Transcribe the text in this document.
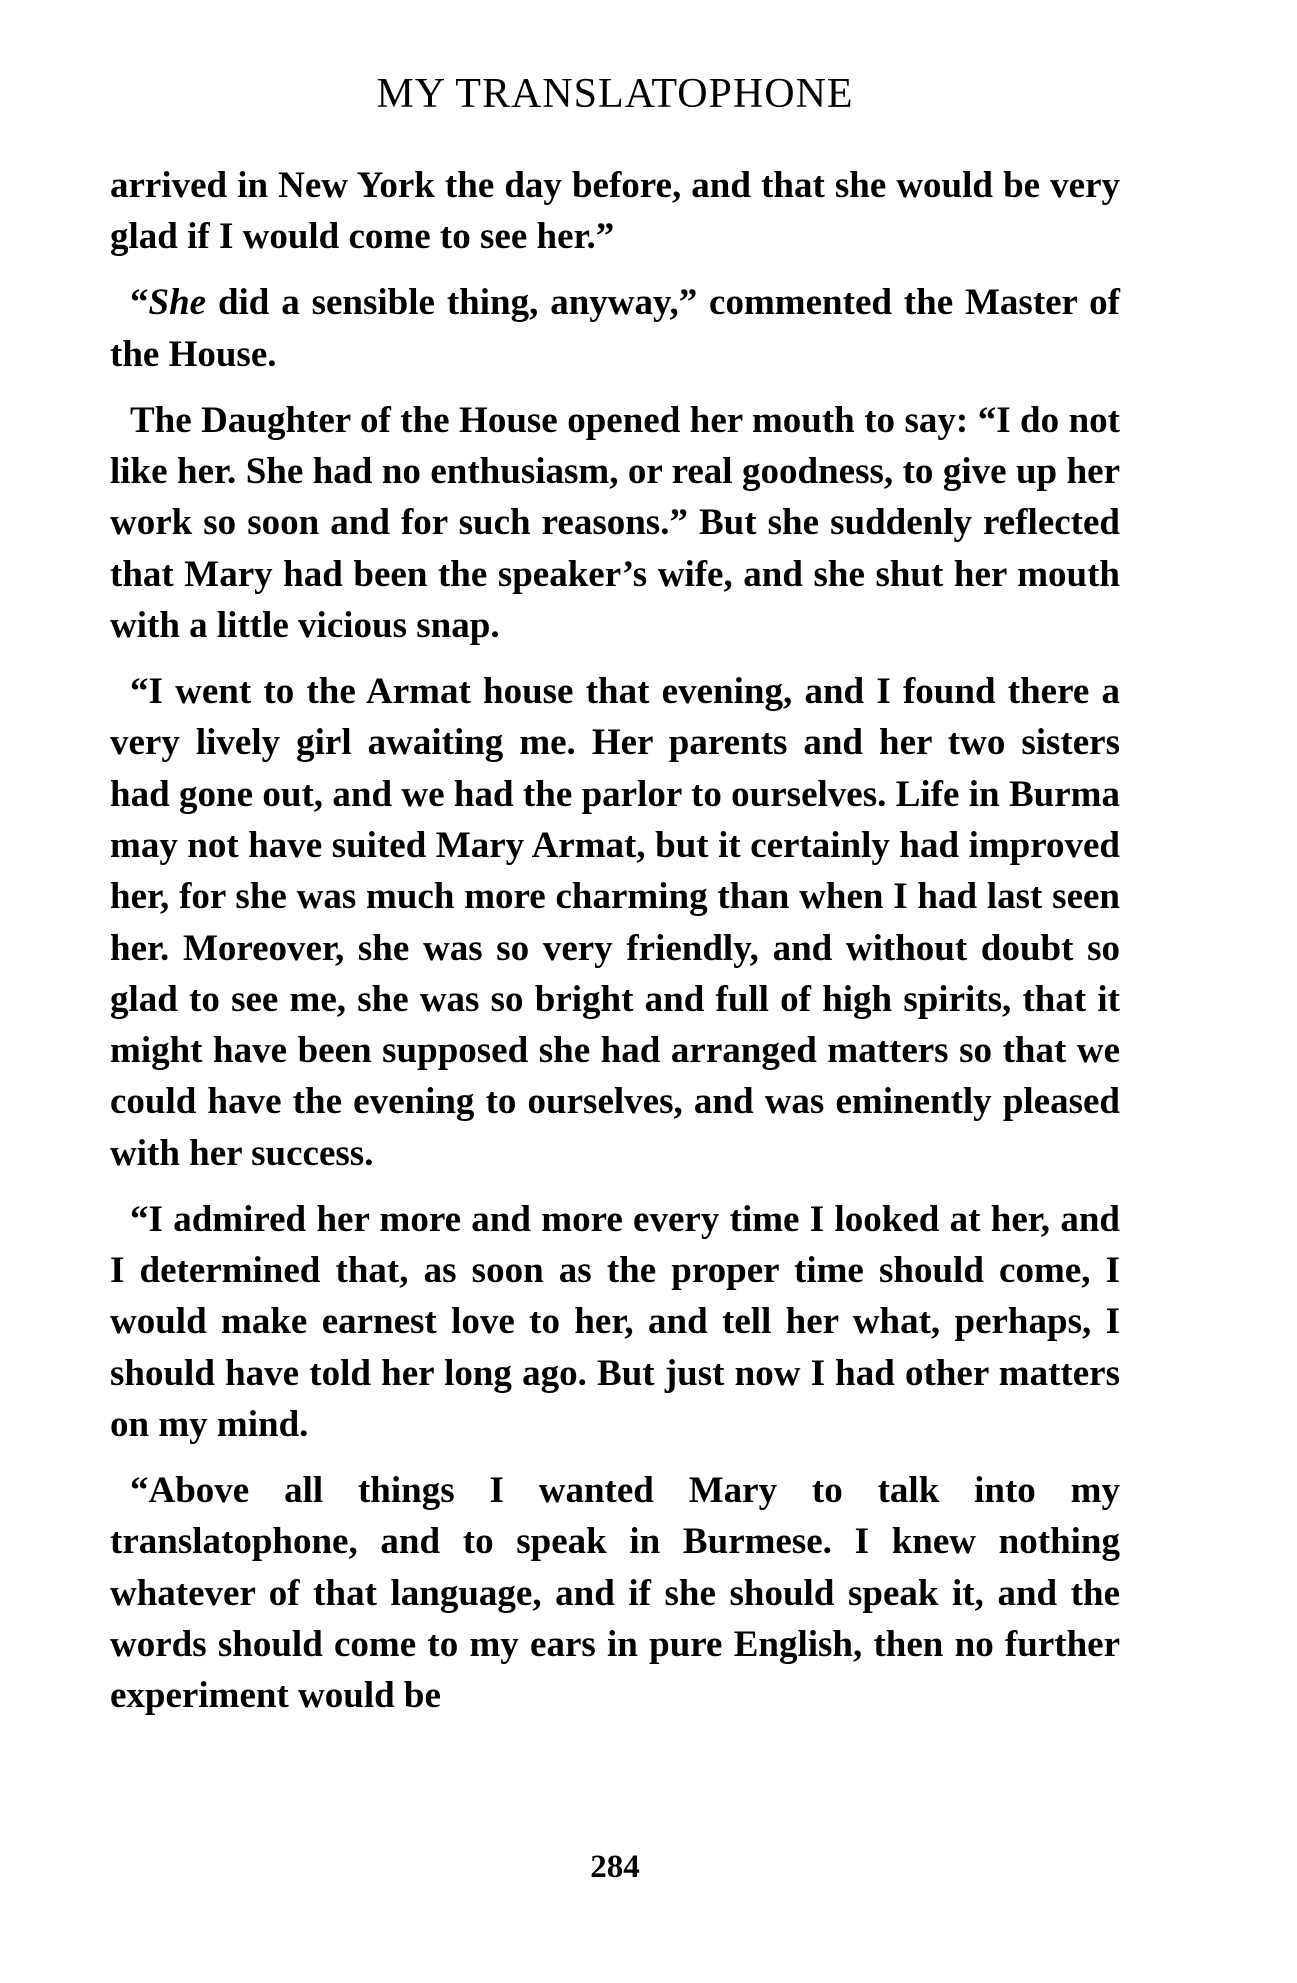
MY TRANSLATOPHONE

arrived in New York the day before, and that she would be very glad if I would come to see her.”

“She did a sensible thing, anyway,” commented the Master of the House.

The Daughter of the House opened her mouth to say: “I do not like her. She had no enthusiasm, or real goodness, to give up her work so soon and for such reasons.” But she suddenly reflected that Mary had been the speaker’s wife, and she shut her mouth with a little vicious snap.

“I went to the Armat house that evening, and I found there a very lively girl awaiting me. Her parents and her two sisters had gone out, and we had the parlor to ourselves. Life in Burma may not have suited Mary Armat, but it certainly had improved her, for she was much more charming than when I had last seen her. Moreover, she was so very friendly, and without doubt so glad to see me, she was so bright and full of high spirits, that it might have been supposed she had arranged matters so that we could have the evening to ourselves, and was eminently pleased with her success.

“I admired her more and more every time I looked at her, and I determined that, as soon as the proper time should come, I would make earnest love to her, and tell her what, perhaps, I should have told her long ago. But just now I had other matters on my mind.

“Above all things I wanted Mary to talk into my translatophone, and to speak in Burmese. I knew nothing whatever of that language, and if she should speak it, and the words should come to my ears in pure English, then no further experiment would be

284
